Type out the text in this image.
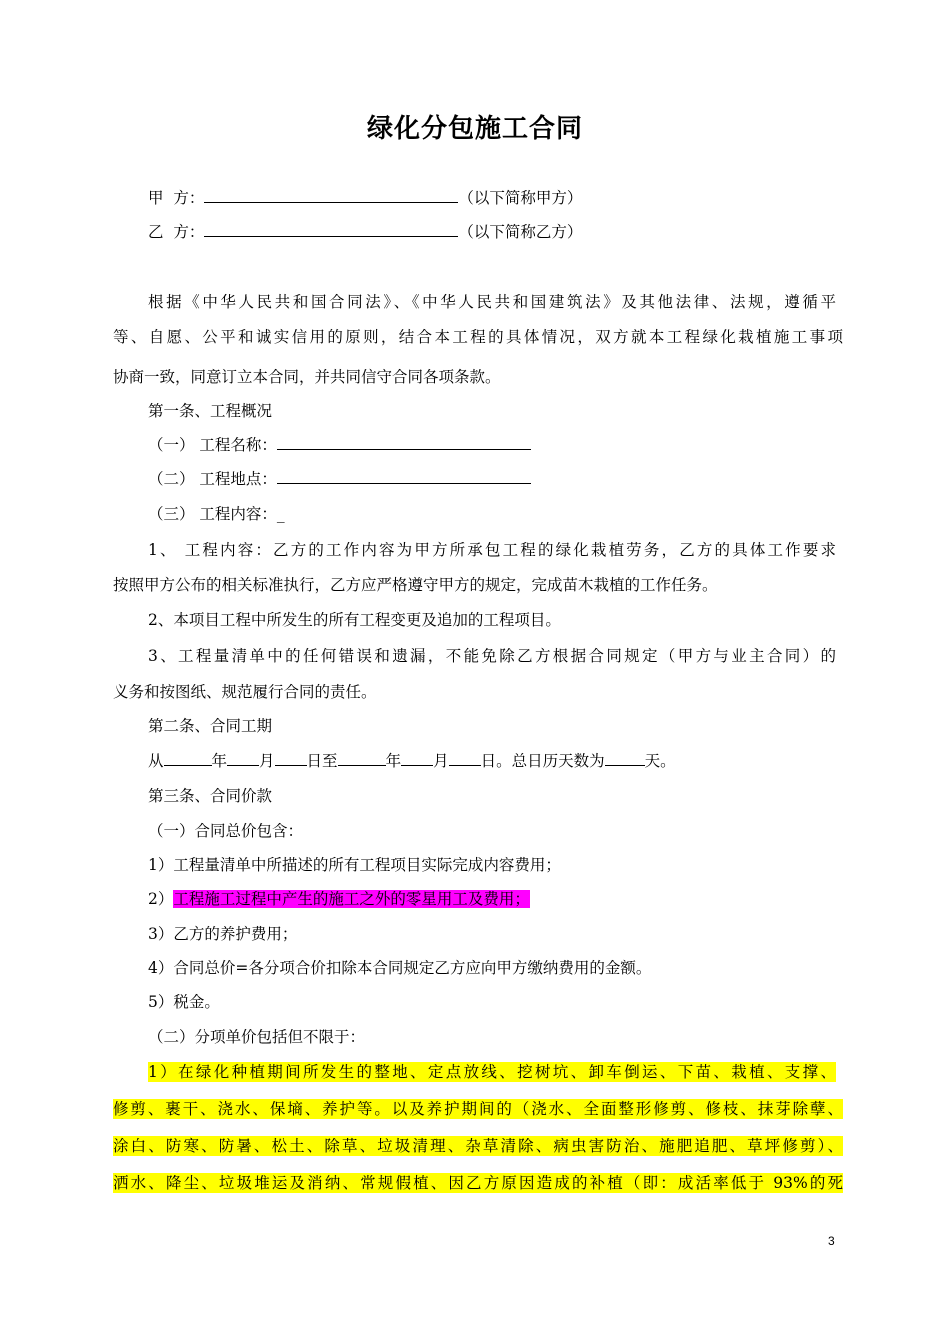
绿化分包施工合同
甲  方：	（以下简称甲方）
乙  方：	（以下简称乙方）
根据《中华人民共和国合同法》、《中华人民共和国建筑法》及其他法律、法规，遵循平
等、自愿、公平和诚实信用的原则，结合本工程的具体情况，双方就本工程绿化栽植施工事项
协商一致，同意订立本合同，并共同信守合同各项条款。
第一条、工程概况
（一） 工程名称：
（二） 工程地点：
（三） 工程内容：_
1、 工程内容：乙方的工作内容为甲方所承包工程的绿化栽植劳务，乙方的具体工作要求
按照甲方公布的相关标准执行，乙方应严格遵守甲方的规定，完成苗木栽植的工作任务。
2、本项目工程中所发生的所有工程变更及追加的工程项目。
3、工程量清单中的任何错误和遗漏，不能免除乙方根据合同规定（甲方与业主合同）的
义务和按图纸、规范履行合同的责任。
第二条、合同工期
从	年 月 日至	年 月 日。总日历天数为	天。
第三条、合同价款
（一）合同总价包含：
1）工程量清单中所描述的所有工程项目实际完成内容费用；
2）工程施工过程中产生的施工之外的零星用工及费用；
3）乙方的养护费用；
4）合同总价=各分项合价扣除本合同规定乙方应向甲方缴纳费用的金额。
5）税金。
（二）分项单价包括但不限于：
1）在绿化种植期间所发生的整地、定点放线、挖树坑、卸车倒运、下苗、栽植、支撑、
修剪、裹干、浇水、保墒、养护等。以及养护期间的（浇水、全面整形修剪、修枝、抹芽除孽、
涂白、防寒、防暑、松土、除草、垃圾清理、杂草清除、病虫害防治、施肥追肥、草坪修剪）、
洒水、降尘、垃圾堆运及消纳、常规假植、因乙方原因造成的补植（即：成活率低于 93%的死
3
